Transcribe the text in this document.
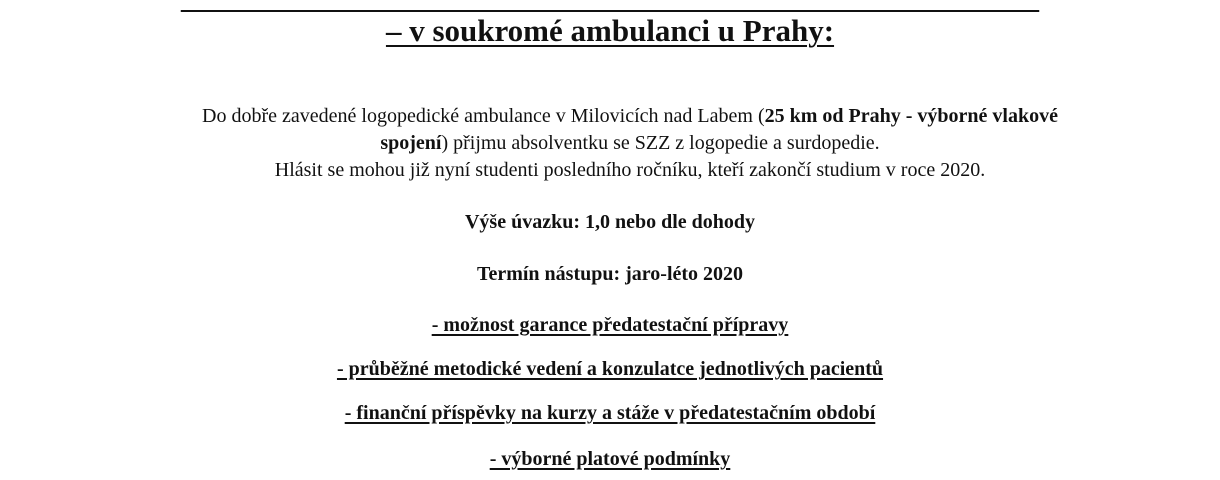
– v soukromé ambulanci u Prahy:
Do dobře zavedené logopedické ambulance v Milovicích nad Labem (25 km od Prahy - výborné vlakové
spojení) přijmu absolventku se SZZ z logopedie a surdopedie.
Hlásit se mohou již nyní studenti posledního ročníku, kteří zakončí studium v roce 2020.
Výše úvazku: 1,0 nebo dle dohody
Termín nástupu: jaro-léto 2020
- možnost garance předatestační přípravy
- průběžné metodické vedení a konzulatce jednotlivých pacientů
- finanční příspěvky na kurzy a stáže v předatestačním období
- výborné platové podmínky
